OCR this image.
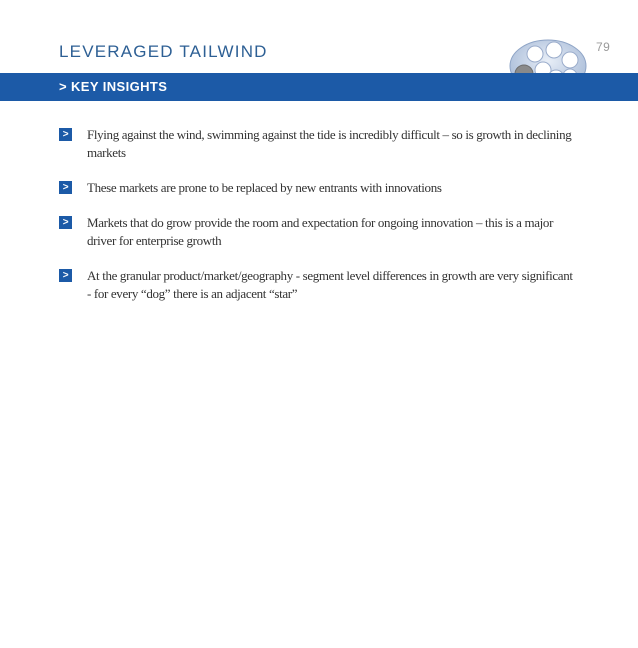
79
LEVERAGED TAILWIND
> KEY INSIGHTS
> Flying against the wind, swimming against the tide is incredibly difficult – so is growth in declining markets
> These markets are prone to be replaced by new entrants with innovations
> Markets that do grow provide the room and expectation for ongoing innovation – this is a major driver for enterprise growth
> At the granular product/market/geography - segment level differences in growth are very significant - for every “dog” there is an adjacent “star”
